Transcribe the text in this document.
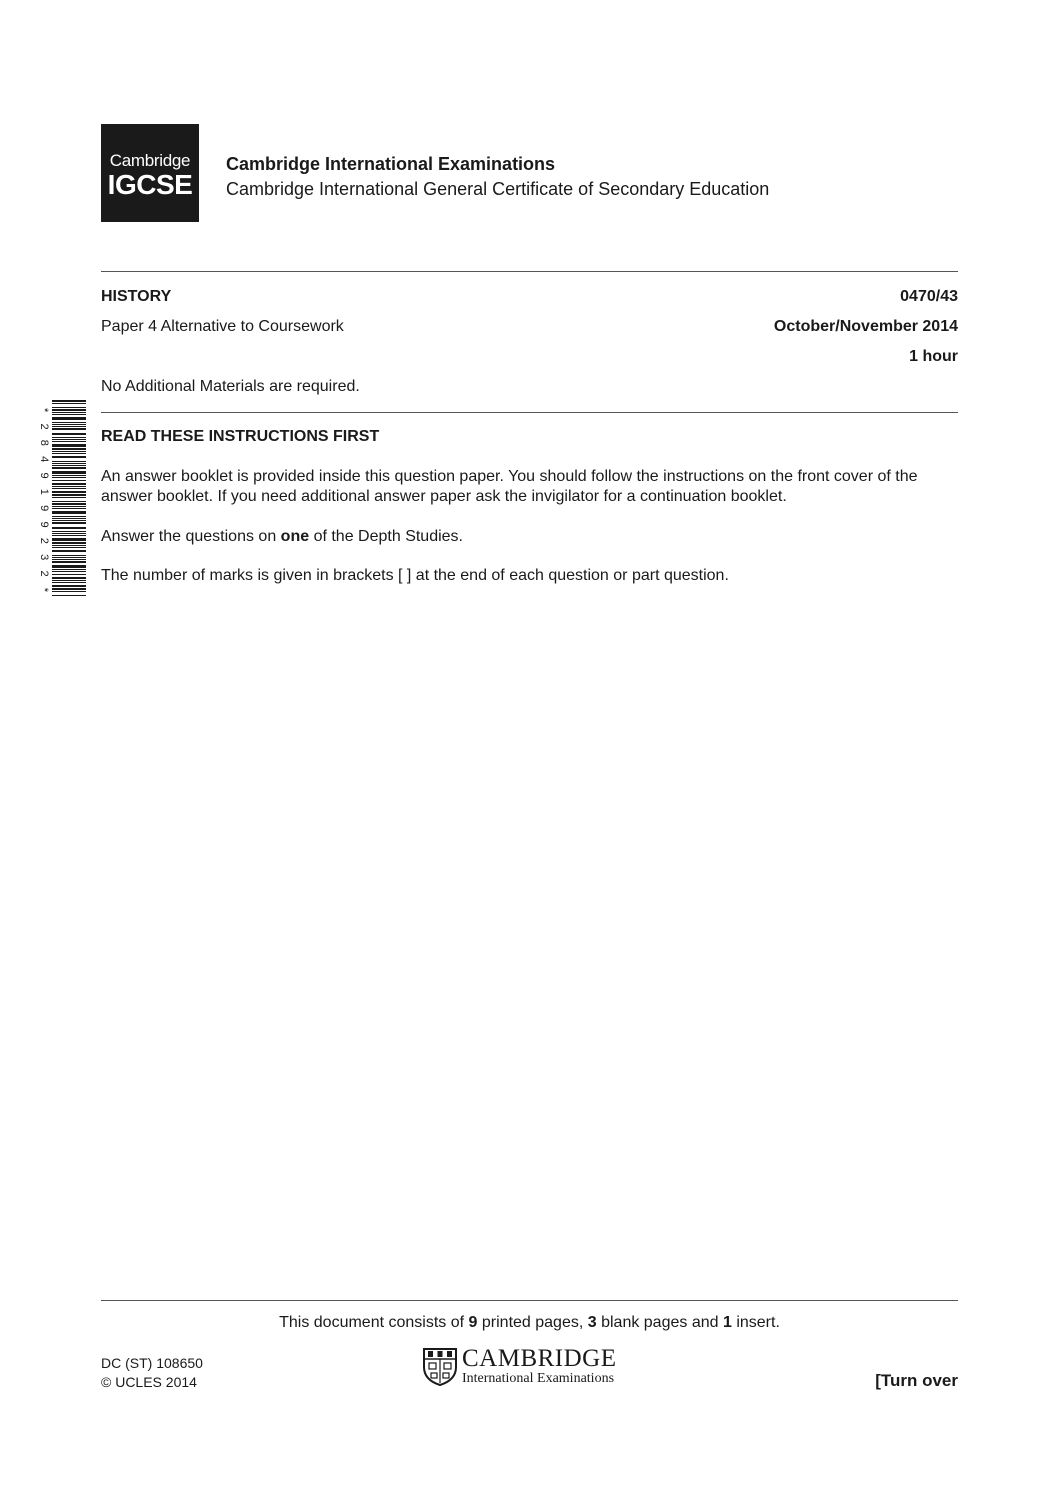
Cambridge
IGCSE
Cambridge International Examinations
Cambridge International General Certificate of Secondary Education
HISTORY	0470/43
Paper 4 Alternative to Coursework	October/November 2014
1 hour
No Additional Materials are required.
*
2
8
4
9
1
9
9
2
3
2
*
READ THESE INSTRUCTIONS FIRST
An answer booklet is provided inside this question paper. You should follow the instructions on the front cover of the answer booklet. If you need additional answer paper ask the invigilator for a continuation booklet.
Answer the questions on one of the Depth Studies.
The number of marks is given in brackets [ ] at the end of each question or part question.
This document consists of 9 printed pages, 3 blank pages and 1 insert.
DC (ST) 108650
© UCLES 2014
CAMBRIDGE
International Examinations	[Turn over
